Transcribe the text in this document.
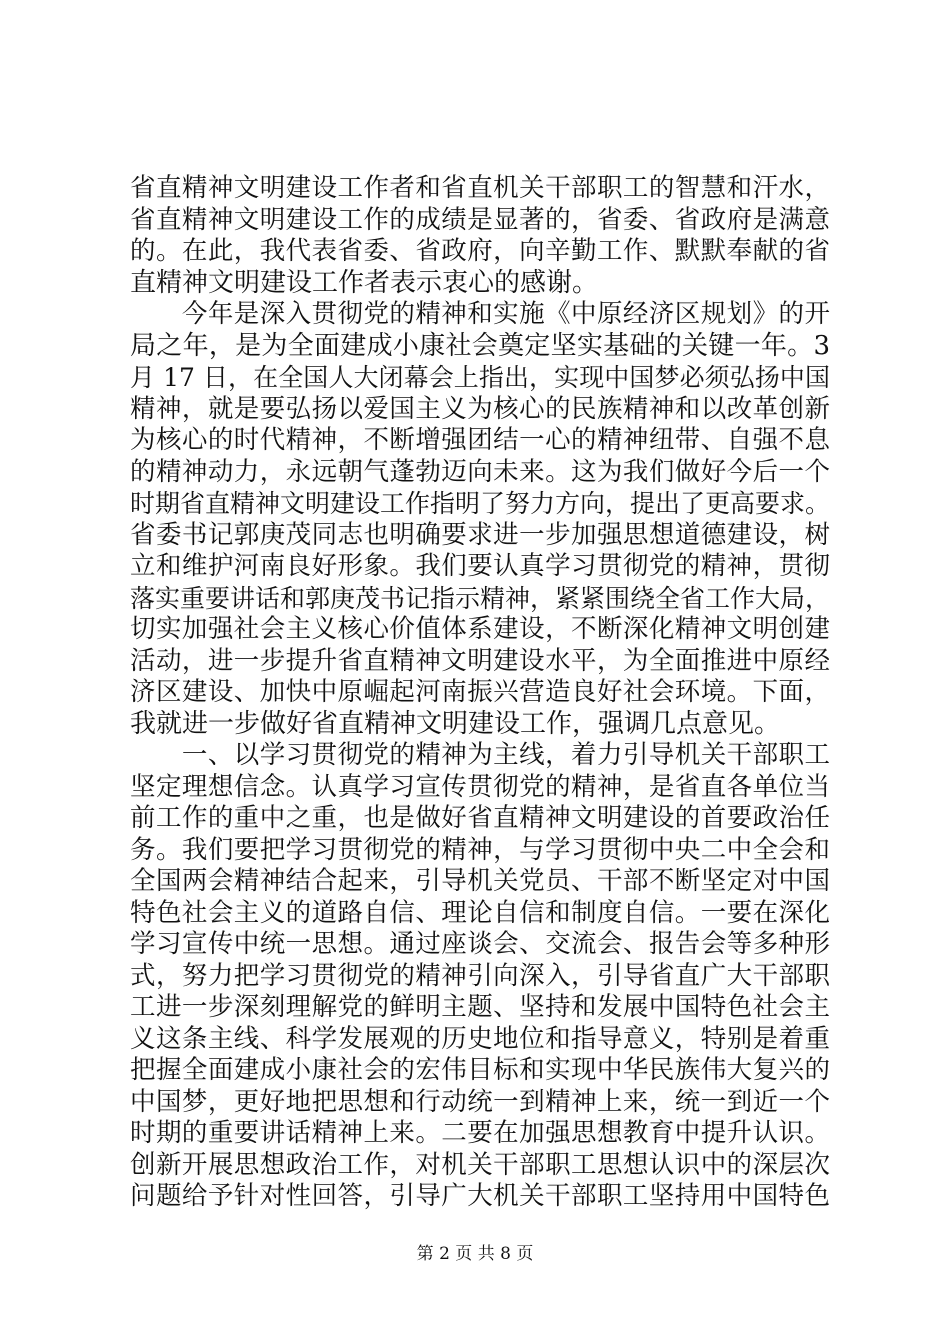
省直精神文明建设工作者和省直机关干部职工的智慧和汗水，
省直精神文明建设工作的成绩是显著的，省委、省政府是满意
的。在此，我代表省委、省政府，向辛勤工作、默默奉献的省
直精神文明建设工作者表示衷心的感谢。
　　今年是深入贯彻党的精神和实施《中原经济区规划》的开
局之年，是为全面建成小康社会奠定坚实基础的关键一年。3
月 17 日，在全国人大闭幕会上指出，实现中国梦必须弘扬中国
精神，就是要弘扬以爱国主义为核心的民族精神和以改革创新
为核心的时代精神，不断增强团结一心的精神纽带、自强不息
的精神动力，永远朝气蓬勃迈向未来。这为我们做好今后一个
时期省直精神文明建设工作指明了努力方向，提出了更高要求。
省委书记郭庚茂同志也明确要求进一步加强思想道德建设，树
立和维护河南良好形象。我们要认真学习贯彻党的精神，贯彻
落实重要讲话和郭庚茂书记指示精神，紧紧围绕全省工作大局，
切实加强社会主义核心价值体系建设，不断深化精神文明创建
活动，进一步提升省直精神文明建设水平，为全面推进中原经
济区建设、加快中原崛起河南振兴营造良好社会环境。下面，
我就进一步做好省直精神文明建设工作，强调几点意见。
　　一、以学习贯彻党的精神为主线，着力引导机关干部职工
坚定理想信念。认真学习宣传贯彻党的精神，是省直各单位当
前工作的重中之重，也是做好省直精神文明建设的首要政治任
务。我们要把学习贯彻党的精神，与学习贯彻中央二中全会和
全国两会精神结合起来，引导机关党员、干部不断坚定对中国
特色社会主义的道路自信、理论自信和制度自信。一要在深化
学习宣传中统一思想。通过座谈会、交流会、报告会等多种形
式，努力把学习贯彻党的精神引向深入，引导省直广大干部职
工进一步深刻理解党的鲜明主题、坚持和发展中国特色社会主
义这条主线、科学发展观的历史地位和指导意义，特别是着重
把握全面建成小康社会的宏伟目标和实现中华民族伟大复兴的
中国梦，更好地把思想和行动统一到精神上来，统一到近一个
时期的重要讲话精神上来。二要在加强思想教育中提升认识。
创新开展思想政治工作，对机关干部职工思想认识中的深层次
问题给予针对性回答，引导广大机关干部职工坚持用中国特色
第 2 页 共 8 页
